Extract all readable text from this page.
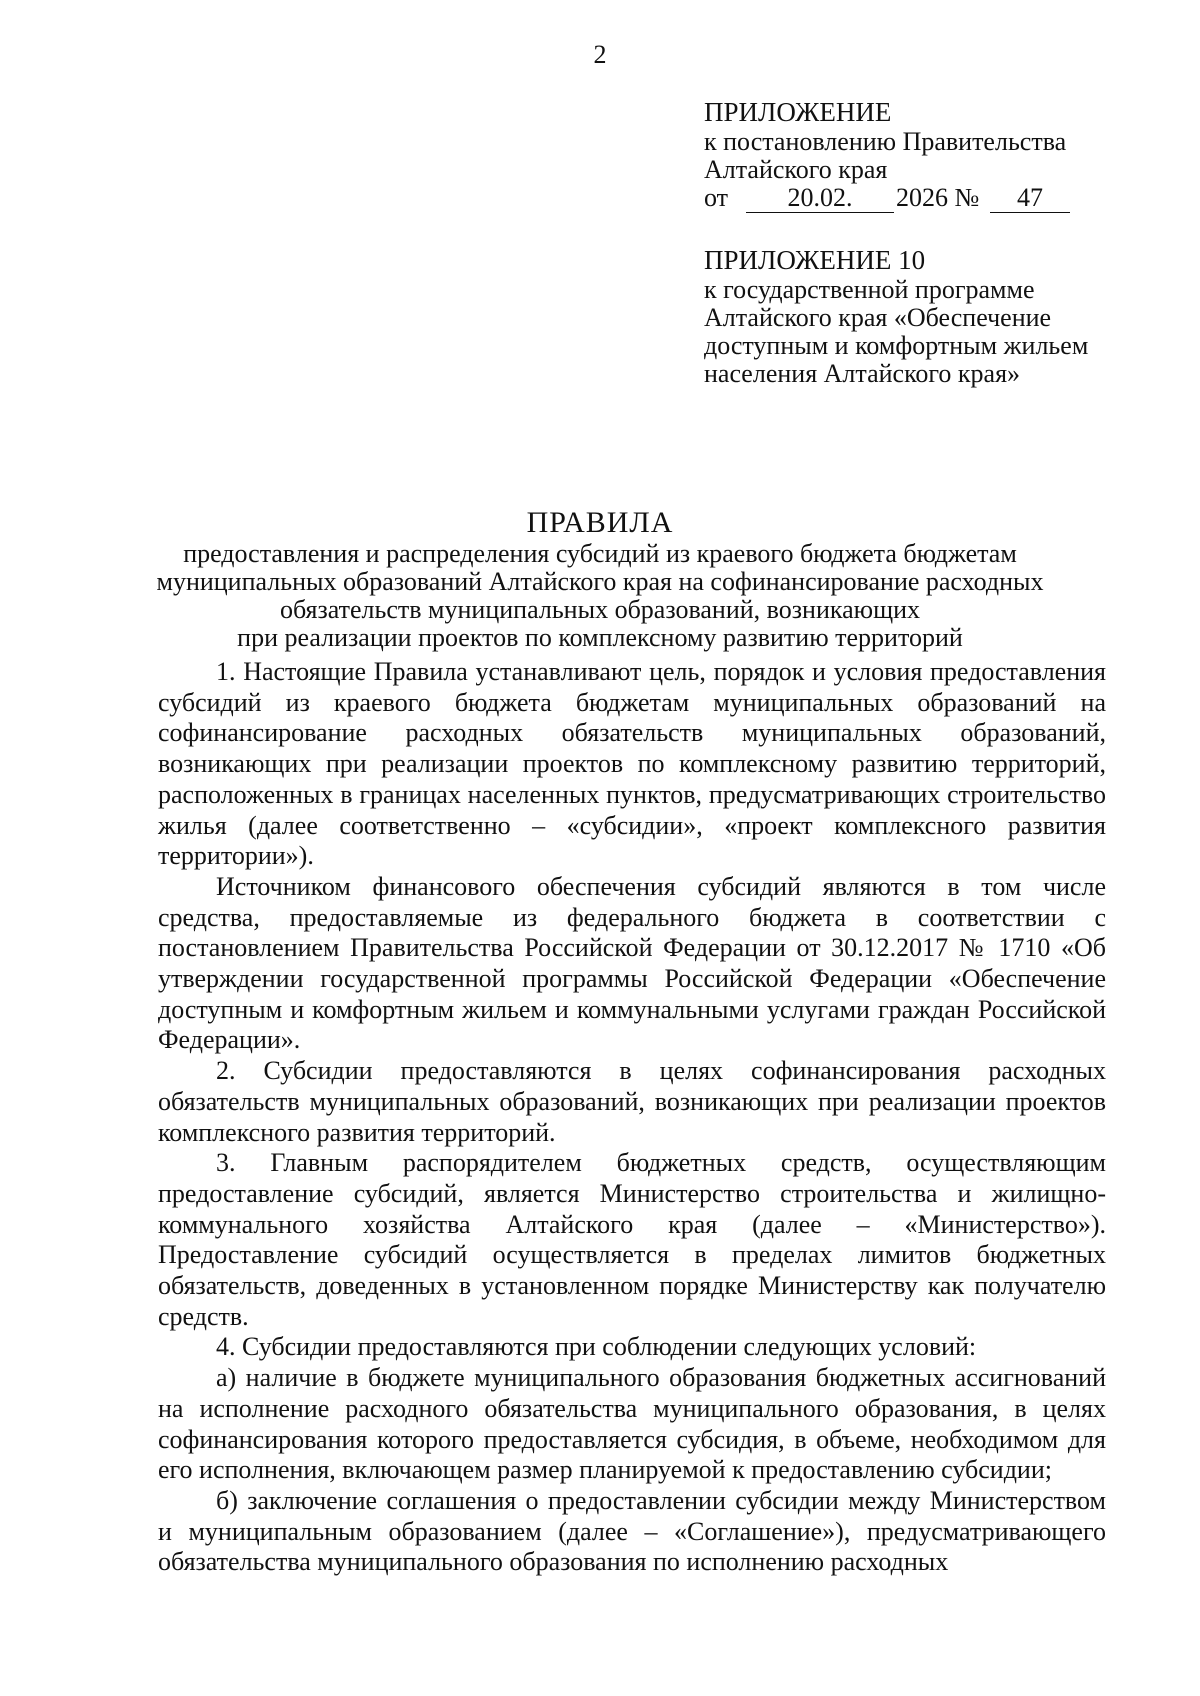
2
ПРИЛОЖЕНИЕ
к постановлению Правительства
Алтайского края
от	20.02.	2026 №	47
ПРИЛОЖЕНИЕ 10
к государственной программе
Алтайского края «Обеспечение
доступным и комфортным жильем
населения Алтайского края»
ПРАВИЛА
предоставления и распределения субсидий из краевого бюджета бюджетам
муниципальных образований Алтайского края на софинансирование расходных
обязательств муниципальных образований, возникающих
при реализации проектов по комплексному развитию территорий

1. Настоящие Правила устанавливают цель, порядок и условия предоставления субсидий из краевого бюджета бюджетам муниципальных образований на софинансирование расходных обязательств муниципальных образований, возникающих при реализации проектов по комплексному развитию территорий, расположенных в границах населенных пунктов, предусматривающих строительство жилья (далее соответственно – «субсидии», «проект комплексного развития территории»).

Источником финансового обеспечения субсидий являются в том числе средства, предоставляемые из федерального бюджета в соответствии с постановлением Правительства Российской Федерации от 30.12.2017 № 1710 «Об утверждении государственной программы Российской Федерации «Обеспечение доступным и комфортным жильем и коммунальными услугами граждан Российской Федерации».

2. Субсидии предоставляются в целях софинансирования расходных обязательств муниципальных образований, возникающих при реализации проектов комплексного развития территорий.

3. Главным распорядителем бюджетных средств, осуществляющим предоставление субсидий, является Министерство строительства и жилищно-коммунального хозяйства Алтайского края (далее – «Министерство»). Предоставление субсидий осуществляется в пределах лимитов бюджетных обязательств, доведенных в установленном порядке Министерству как получателю средств.

4. Субсидии предоставляются при соблюдении следующих условий:

а) наличие в бюджете муниципального образования бюджетных ассигнований на исполнение расходного обязательства муниципального образования, в целях софинансирования которого предоставляется субсидия, в объеме, необходимом для его исполнения, включающем размер планируемой к предоставлению субсидии;

б) заключение соглашения о предоставлении субсидии между Министерством и муниципальным образованием (далее – «Соглашение»), предусматривающего обязательства муниципального образования по исполнению расходных
